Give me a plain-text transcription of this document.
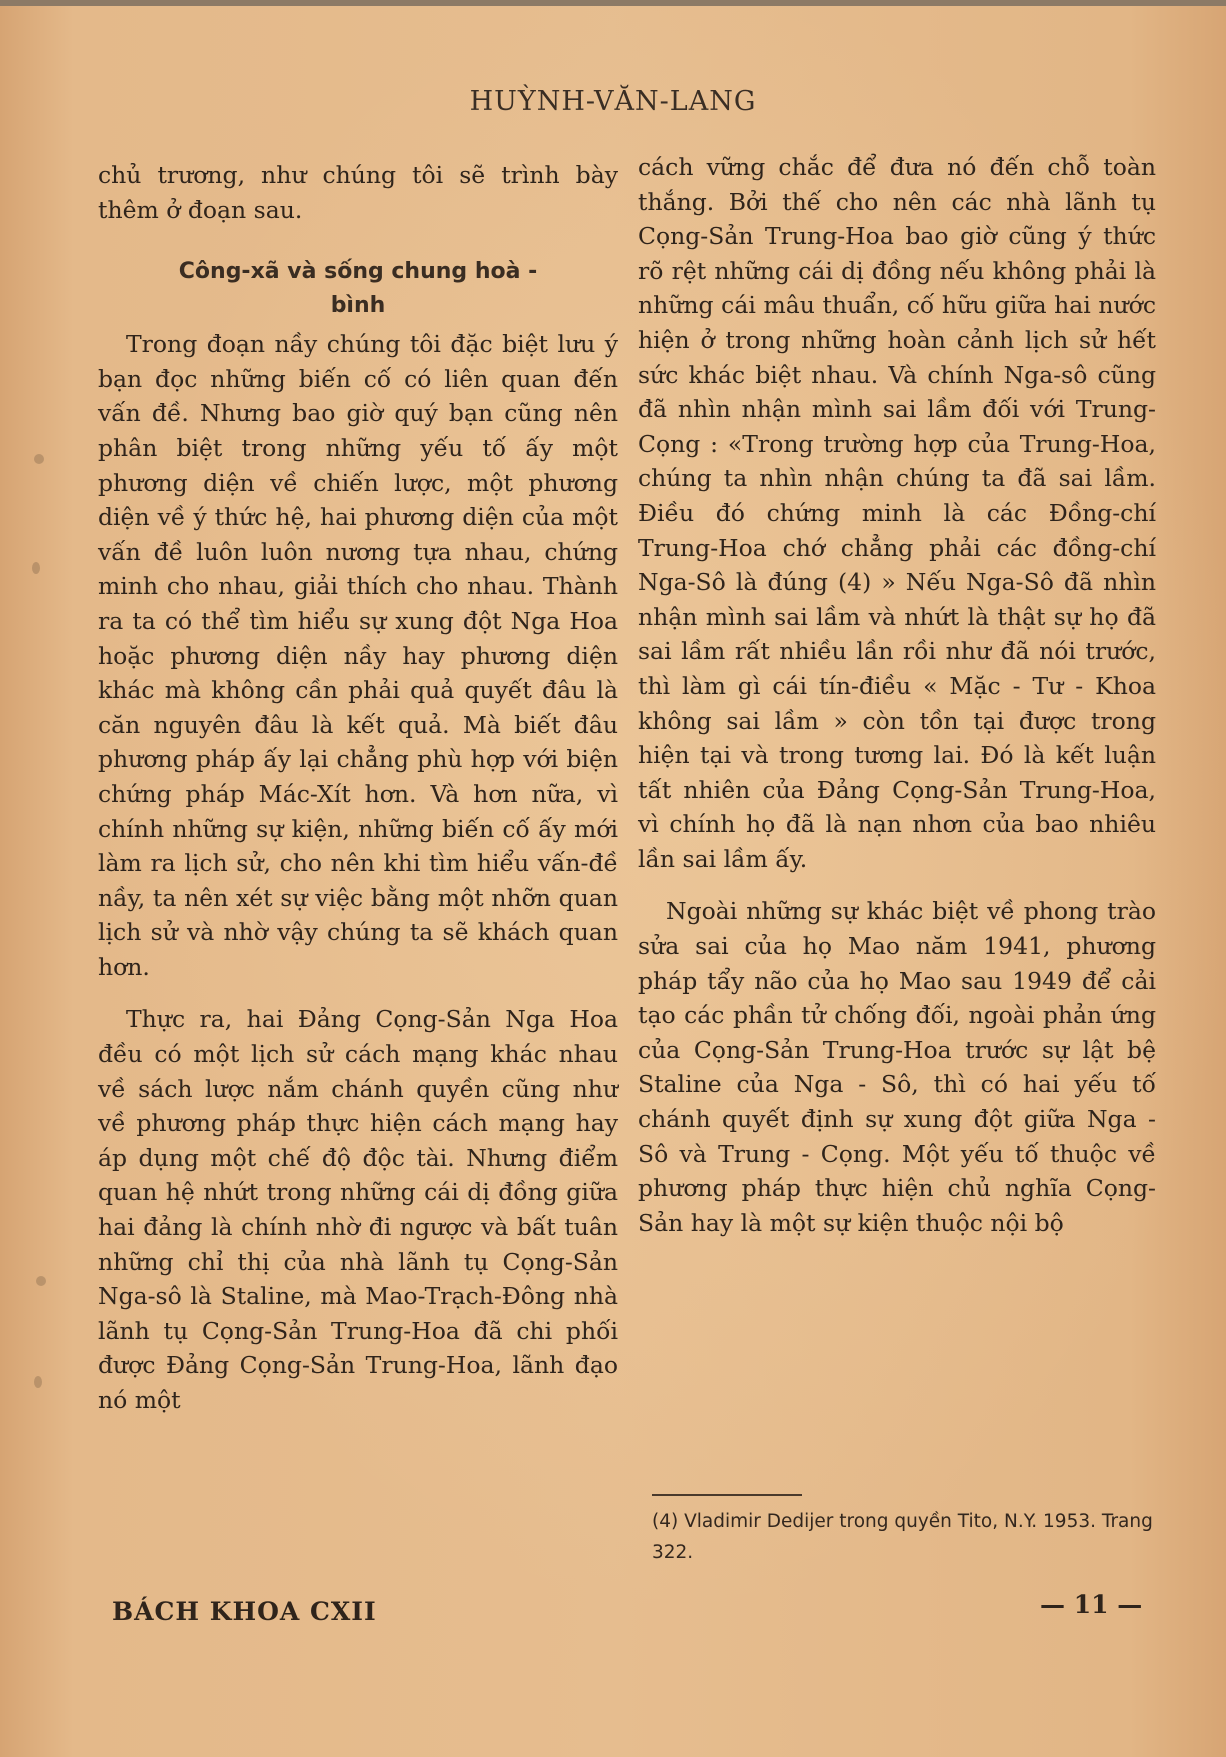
HUỲNH-VĂN-LANG

chủ trương, như chúng tôi sẽ trình bày thêm ở đoạn sau.

Công-xã và sống chung hoà - bình

Trong đoạn nầy chúng tôi đặc biệt lưu ý bạn đọc những biến cố có liên quan đến vấn đề. Nhưng bao giờ quý bạn cũng nên phân biệt trong những yếu tố ấy một phương diện về chiến lược, một phương diện về ý thức hệ, hai phương diện của một vấn đề luôn luôn nương tựa nhau, chứng minh cho nhau, giải thích cho nhau. Thành ra ta có thể tìm hiểu sự xung đột Nga Hoa hoặc phương diện nầy hay phương diện khác mà không cần phải quả quyết đâu là căn nguyên đâu là kết quả. Mà biết đâu phương pháp ấy lại chẳng phù hợp với biện chứng pháp Mác-Xít hơn. Và hơn nữa, vì chính những sự kiện, những biến cố ấy mới làm ra lịch sử, cho nên khi tìm hiểu vấn-đề nầy, ta nên xét sự việc bằng một nhỡn quan lịch sử và nhờ vậy chúng ta sẽ khách quan hơn.

Thực ra, hai Đảng Cọng-Sản Nga Hoa đều có một lịch sử cách mạng khác nhau về sách lược nắm chánh quyền cũng như về phương pháp thực hiện cách mạng hay áp dụng một chế độ độc tài. Nhưng điểm quan hệ nhứt trong những cái dị đồng giữa hai đảng là chính nhờ đi ngược và bất tuân những chỉ thị của nhà lãnh tụ Cọng-Sản Nga-sô là Staline, mà Mao-Trạch-Đông nhà lãnh tụ Cọng-Sản Trung-Hoa đã chi phối được Đảng Cọng-Sản Trung-Hoa, lãnh đạo nó một

cách vững chắc để đưa nó đến chỗ toàn thắng. Bởi thế cho nên các nhà lãnh tụ Cọng-Sản Trung-Hoa bao giờ cũng ý thức rõ rệt những cái dị đồng nếu không phải là những cái mâu thuẩn, cố hữu giữa hai nước hiện ở trong những hoàn cảnh lịch sử hết sức khác biệt nhau. Và chính Nga-sô cũng đã nhìn nhận mình sai lầm đối với Trung-Cọng : «Trong trường hợp của Trung-Hoa, chúng ta nhìn nhận chúng ta đã sai lầm. Điều đó chứng minh là các Đồng-chí Trung-Hoa chớ chẳng phải các đồng-chí Nga-Sô là đúng (4) » Nếu Nga-Sô đã nhìn nhận mình sai lầm và nhứt là thật sự họ đã sai lầm rất nhiều lần rồi như đã nói trước, thì làm gì cái tín-điều « Mặc - Tư - Khoa không sai lầm » còn tồn tại được trong hiện tại và trong tương lai. Đó là kết luận tất nhiên của Đảng Cọng-Sản Trung-Hoa, vì chính họ đã là nạn nhơn của bao nhiêu lần sai lầm ấy.

Ngoài những sự khác biệt về phong trào sửa sai của họ Mao năm 1941, phương pháp tẩy não của họ Mao sau 1949 để cải tạo các phần tử chống đối, ngoài phản ứng của Cọng-Sản Trung-Hoa trước sự lật bệ Staline của Nga - Sô, thì có hai yếu tố chánh quyết định sự xung đột giữa Nga - Sô và Trung - Cọng. Một yếu tố thuộc về phương pháp thực hiện chủ nghĩa Cọng-Sản hay là một sự kiện thuộc nội bộ

(4) Vladimir Dedijer trong quyền Tito, N.Y. 1953. Trang 322.
BÁCH KHOA CXII	— 11 —
